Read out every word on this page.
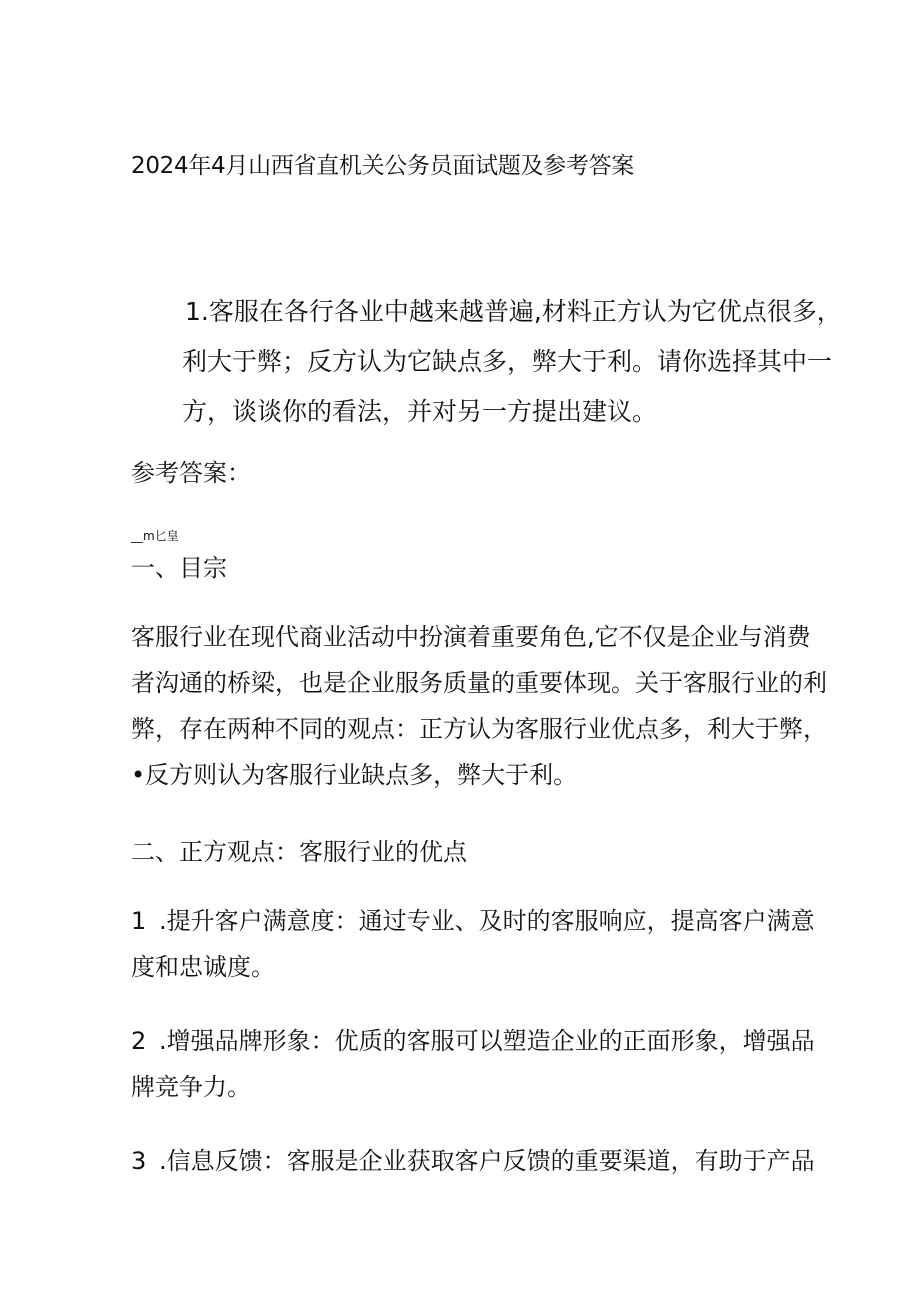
2024年4月山西省直机关公务员面试题及参考答案
1.客服在各行各业中越来越普遍,材料正方认为它优点很多，
利大于弊；反方认为它缺点多，弊大于利。请你选择其中一
方，谈谈你的看法，并对另一方提出建议。
参考答案：
__m匕皇
一、目宗
客服行业在现代商业活动中扮演着重要角色,它不仅是企业与消费
者沟通的桥梁，也是企业服务质量的重要体现。关于客服行业的利
弊，存在两种不同的观点：正方认为客服行业优点多，利大于弊，
•反方则认为客服行业缺点多，弊大于利。
二、正方观点：客服行业的优点
1 .提升客户满意度：通过专业、及时的客服响应，提高客户满意
度和忠诚度。
2 .增强品牌形象：优质的客服可以塑造企业的正面形象，增强品
牌竞争力。
3 .信息反馈：客服是企业获取客户反馈的重要渠道，有助于产品
